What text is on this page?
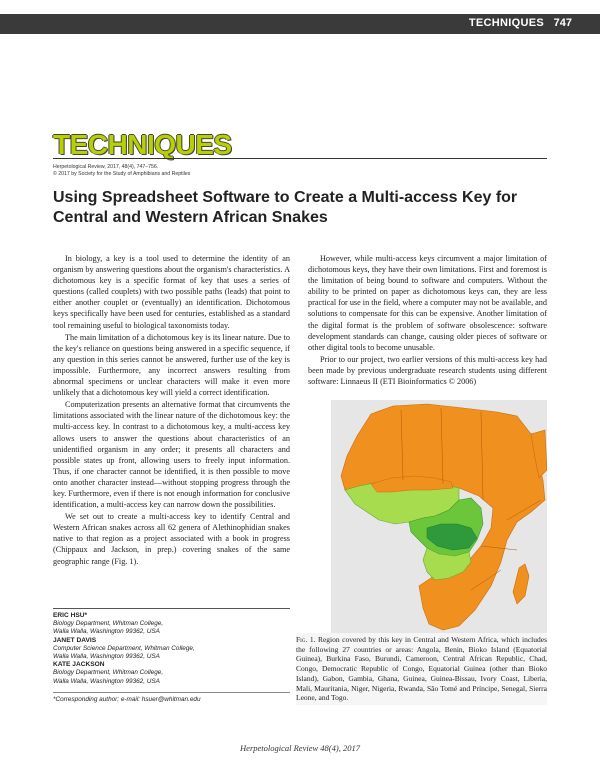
TECHNIQUES 747
TECHNIQUES
Herpetological Review, 2017, 48(4), 747–756.
© 2017 by Society for the Study of Amphibians and Reptiles
Using Spreadsheet Software to Create a Multi-access Key for Central and Western African Snakes

In biology, a key is a tool used to determine the identity of an organism by answering questions about the organism's characteristics. A dichotomous key is a specific format of key that uses a series of questions (called couplets) with two possible paths (leads) that point to either another couplet or (eventually) an identification. Dichotomous keys specifically have been used for centuries, established as a standard tool remaining useful to biological taxonomists today.

The main limitation of a dichotomous key is its linear nature. Due to the key's reliance on questions being answered in a specific sequence, if any question in this series cannot be answered, further use of the key is impossible. Furthermore, any incorrect answers resulting from abnormal specimens or unclear characters will make it even more unlikely that a dichotomous key will yield a correct identification.

Computerization presents an alternative format that circumvents the limitations associated with the linear nature of the dichotomous key: the multi-access key. In contrast to a dichotomous key, a multi-access key allows users to answer the questions about characteristics of an unidentified organism in any order; it presents all characters and possible states up front, allowing users to freely input information. Thus, if one character cannot be identified, it is then possible to move onto another character instead—without stopping progress through the key. Furthermore, even if there is not enough information for conclusive identification, a multi-access key can narrow down the possibilities.

We set out to create a multi-access key to identify Central and Western African snakes across all 62 genera of Alethinophidian snakes native to that region as a project associated with a book in progress (Chippaux and Jackson, in prep.) covering snakes of the same geographic range (Fig. 1).

ERIC HSU*
Biology Department, Whitman College,
Walla Walla, Washington 99362, USA
JANET DAVIS
Computer Science Department, Whitman College,
Walla Walla, Washington 99362, USA
KATE JACKSON
Biology Department, Whitman College,
Walla Walla, Washington 99362, USA
*Corresponding author; e-mail: hsuer@whitman.edu

However, while multi-access keys circumvent a major limitation of dichotomous keys, they have their own limitations. First and foremost is the limitation of being bound to software and computers. Without the ability to be printed on paper as dichotomous keys can, they are less practical for use in the field, where a computer may not be available, and solutions to compensate for this can be expensive. Another limitation of the digital format is the problem of software obsolescence: software development standards can change, causing older pieces of software or other digital tools to become unusable.

Prior to our project, two earlier versions of this multi-access key had been made by previous undergraduate research students using different software: Linnaeus II (ETI Bioinformatics © 2006)

Fig. 1. Region covered by this key in Central and Western Africa, which includes the following 27 countries or areas: Angola, Benin, Bioko Island (Equatorial Guinea), Burkina Faso, Burundi, Cameroon, Central African Republic, Chad, Congo, Democratic Republic of Congo, Equatorial Guinea (other than Bioko Island), Gabon, Gambia, Ghana, Guinea, Guinea-Bissau, Ivory Coast, Liberia, Mali, Mauritania, Niger, Nigeria, Rwanda, São Tomé and Príncipe, Senegal, Sierra Leone, and Togo.
Herpetological Review 48(4), 2017
